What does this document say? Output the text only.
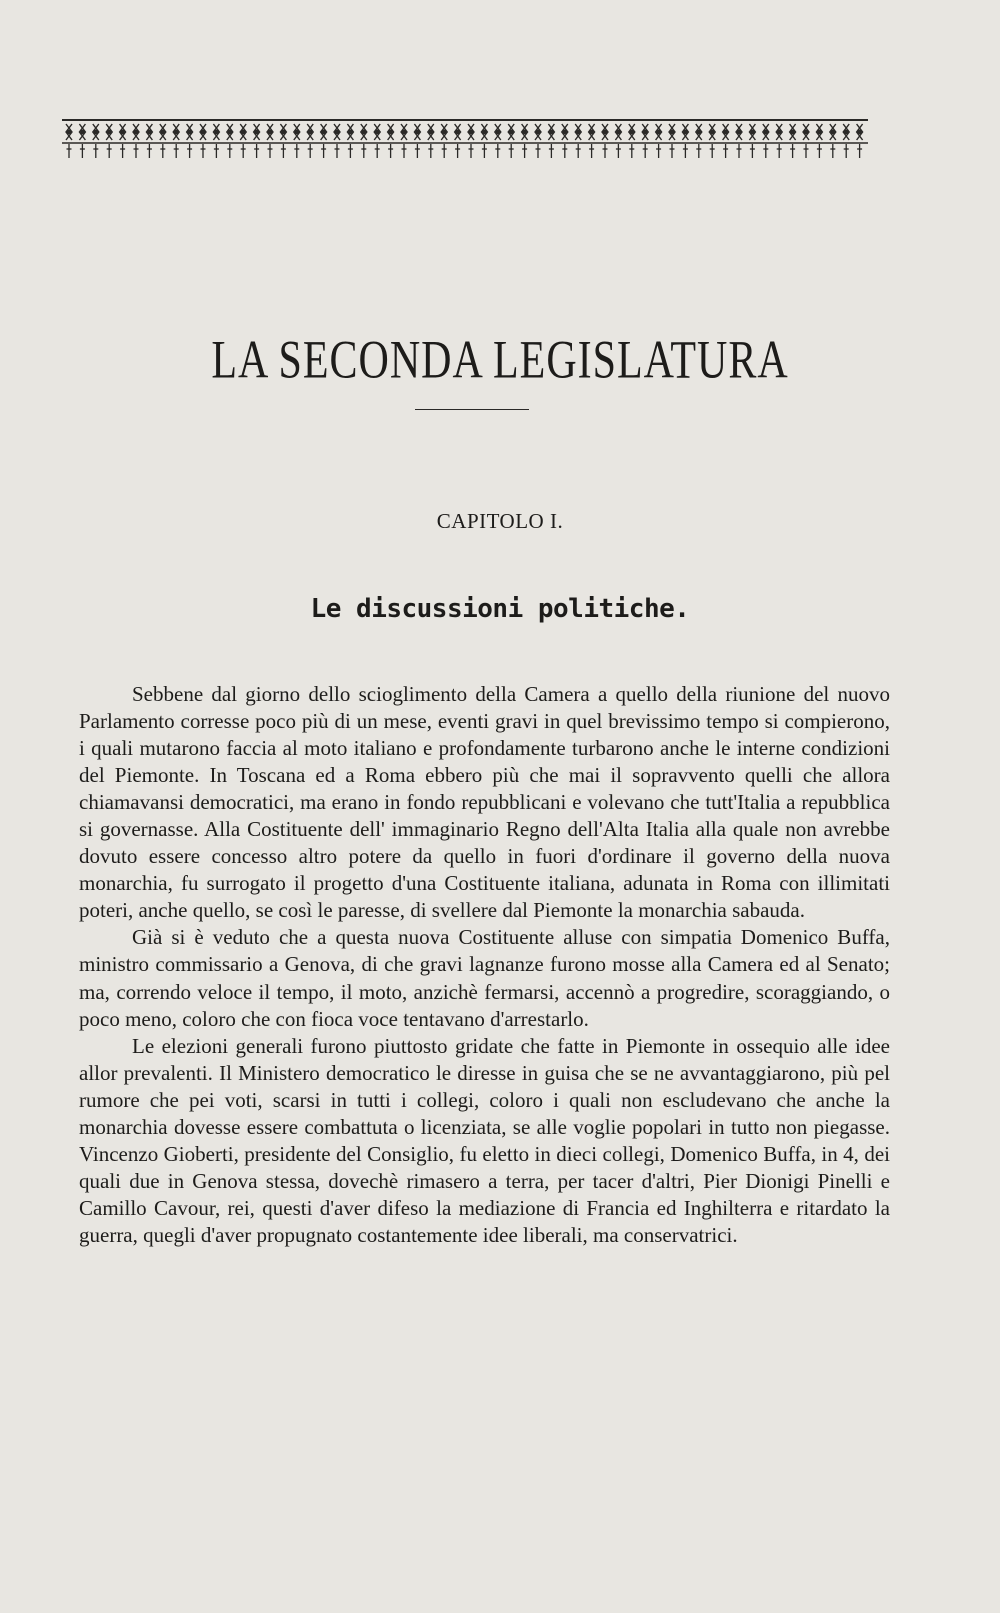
LA SECONDA LEGISLATURA
CAPITOLO I.
Le discussioni politiche.

Sebbene dal giorno dello scioglimento della Camera a quello della riunione del nuovo Parlamento corresse poco più di un mese, eventi gravi in quel brevissimo tempo si compierono, i quali mutarono faccia al moto italiano e profondamente turbarono anche le interne condizioni del Piemonte. In Toscana ed a Roma ebbero più che mai il sopravvento quelli che allora chiamavansi democratici, ma erano in fondo repubblicani e volevano che tutt'Italia a repubblica si governasse. Alla Costituente dell' immaginario Regno dell'Alta Italia alla quale non avrebbe dovuto essere concesso altro potere da quello in fuori d'ordinare il governo della nuova monarchia, fu surrogato il progetto d'una Costituente italiana, adunata in Roma con illimitati poteri, anche quello, se così le paresse, di svellere dal Piemonte la monarchia sabauda.

Già si è veduto che a questa nuova Costituente alluse con simpatia Domenico Buffa, ministro commissario a Genova, di che gravi lagnanze furono mosse alla Camera ed al Senato; ma, correndo veloce il tempo, il moto, anzichè fermarsi, accennò a progredire, scoraggiando, o poco meno, coloro che con fioca voce tentavano d'arrestarlo.

Le elezioni generali furono piuttosto gridate che fatte in Piemonte in ossequio alle idee allor prevalenti. Il Ministero democratico le diresse in guisa che se ne avvantaggiarono, più pel rumore che pei voti, scarsi in tutti i collegi, coloro i quali non escludevano che anche la monarchia dovesse essere combattuta o licenziata, se alle voglie popolari in tutto non piegasse. Vincenzo Gioberti, presidente del Consiglio, fu eletto in dieci collegi, Domenico Buffa, in 4, dei quali due in Genova stessa, dovechè rimasero a terra, per tacer d'altri, Pier Dionigi Pinelli e Camillo Cavour, rei, questi d'aver difeso la mediazione di Francia ed Inghilterra e ritardato la guerra, quegli d'aver propugnato costantemente idee liberali, ma conservatrici.
